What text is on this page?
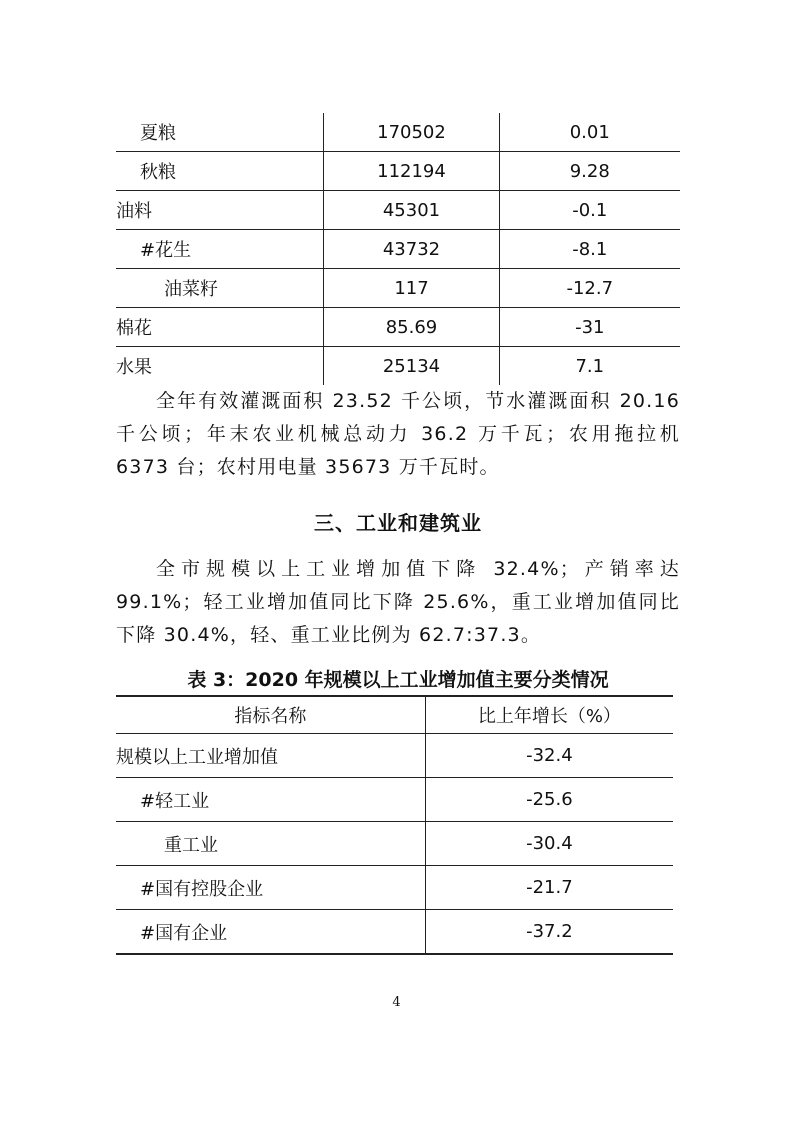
夏粮	170502	0.01
秋粮	112194	9.28
油料	45301	-0.1
#花生	43732	-8.1
油菜籽	117	-12.7
棉花	85.69	-31
水果	25134	7.1

全年有效灌溉面积 23.52 千公顷，节水灌溉面积 20.16 千公顷；年末农业机械总动力 36.2 万千瓦；农用拖拉机 6373 台；农村用电量 35673 万千瓦时。

三、工业和建筑业

全市规模以上工业增加值下降 32.4%；产销率达 99.1%；轻工业增加值同比下降 25.6%，重工业增加值同比下降 30.4%，轻、重工业比例为 62.7:37.3。

表 3：2020 年规模以上工业增加值主要分类情况
指标名称	比上年增长（%）
规模以上工业增加值	-32.4
#轻工业	-25.6
重工业	-30.4
#国有控股企业	-21.7
#国有企业	-37.2
4
